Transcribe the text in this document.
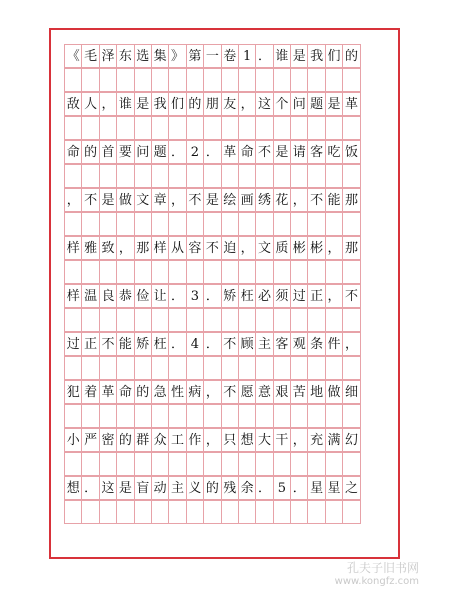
《 毛 泽 东 选 集 》 第 一 卷 1 ． 谁 是 我 们 的
敌 人 ， 谁 是 我 们 的 朋 友 ， 这 个 问 题 是 革
命 的 首 要 问 题 ． 2 ． 革 命 不 是 请 客 吃 饭
， 不 是 做 文 章 ， 不 是 绘 画 绣 花 ， 不 能 那
样 雅 致 ， 那 样 从 容 不 迫 ， 文 质 彬 彬 ， 那
样 温 良 恭 俭 让 ． 3 ． 矫 枉 必 须 过 正 ， 不
过 正 不 能 矫 枉 ． 4 ． 不 顾 主 客 观 条 件 ，
犯 着 革 命 的 急 性 病 ， 不 愿 意 艰 苦 地 做 细
小 严 密 的 群 众 工 作 ， 只 想 大 干 ， 充 满 幻
想 ． 这 是 盲 动 主 义 的 残 余 ． 5 ． 星 星 之
孔夫子旧书网
www.kongfz.com
